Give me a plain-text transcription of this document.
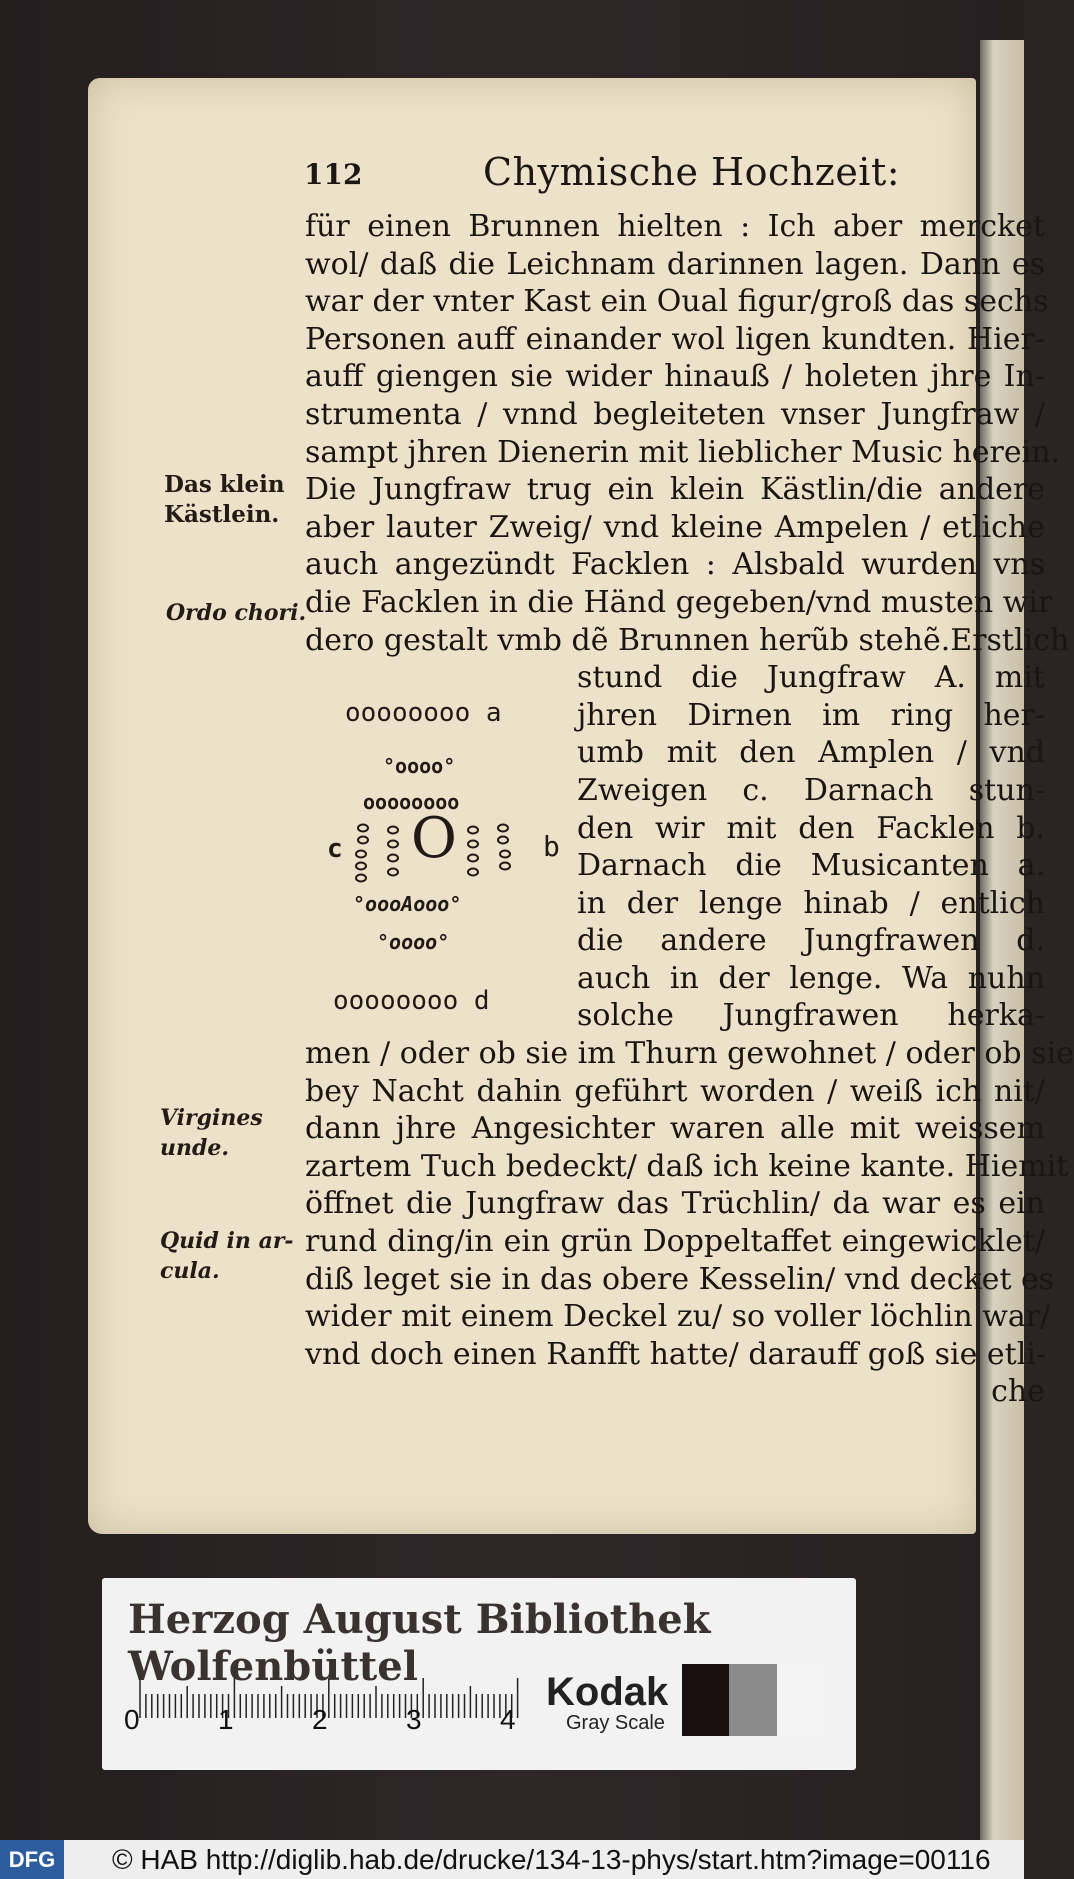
112	Chymische Hochzeit:
für einen Brunnen hielten : Ich aber mercket
wol/ daß die Leichnam darinnen lagen. Dann es
war der vnter Kast ein Oual figur/groß das sechs
Personen auff einander wol ligen kundten. Hier-
auff giengen sie wider hinauß / holeten jhre In-
strumenta / vnnd begleiteten vnser Jungfraw /
sampt jhren Dienerin mit lieblicher Music herein.
Die Jungfraw trug ein klein Kästlin/die andere
aber lauter Zweig/ vnd kleine Ampelen / etliche
auch angezündt Facklen : Alsbald wurden vns
die Facklen in die Händ gegeben/vnd musten wir
dero gestalt vmb dẽ Brunnen herũb stehẽ.Erstlich
stund die Jungfraw A. mit
jhren Dirnen im ring her-
umb mit den Amplen / vnd
Zweigen c. Darnach stun-
den wir mit den Facklen b.
Darnach die Musicanten a.
in der lenge hinab / entlich
die andere Jungfrawen d.
auch in der lenge. Wa nuhn
solche Jungfrawen herka-
men / oder ob sie im Thurn gewohnet / oder ob sie
bey Nacht dahin geführt worden / weiß ich nit/
dann jhre Angesichter waren alle mit weissem
zartem Tuch bedeckt/ daß ich keine kante. Hiemit
öffnet die Jungfraw das Trüchlin/ da war es ein
rund ding/in ein grün Doppeltaffet eingewicklet/
diß leget sie in das obere Kesselin/ vnd decket es
wider mit einem Deckel zu/ so voller löchlin war/
vnd doch einen Ranfft hatte/ darauff goß sie etli-
che
Das klein
Kästlein.
Ordo chori.
Virgines
unde.
Quid in ar-
cula.
oooooooo a
°oooo°
oooooooo
c	b
O
°oooAooo°
°oooo°
oooooooo d
Herzog August Bibliothek Wolfenbüttel
0	1	2	3	4
Kodak
Gray Scale
DFG	© HAB http://diglib.hab.de/drucke/134-13-phys/start.htm?image=00116
